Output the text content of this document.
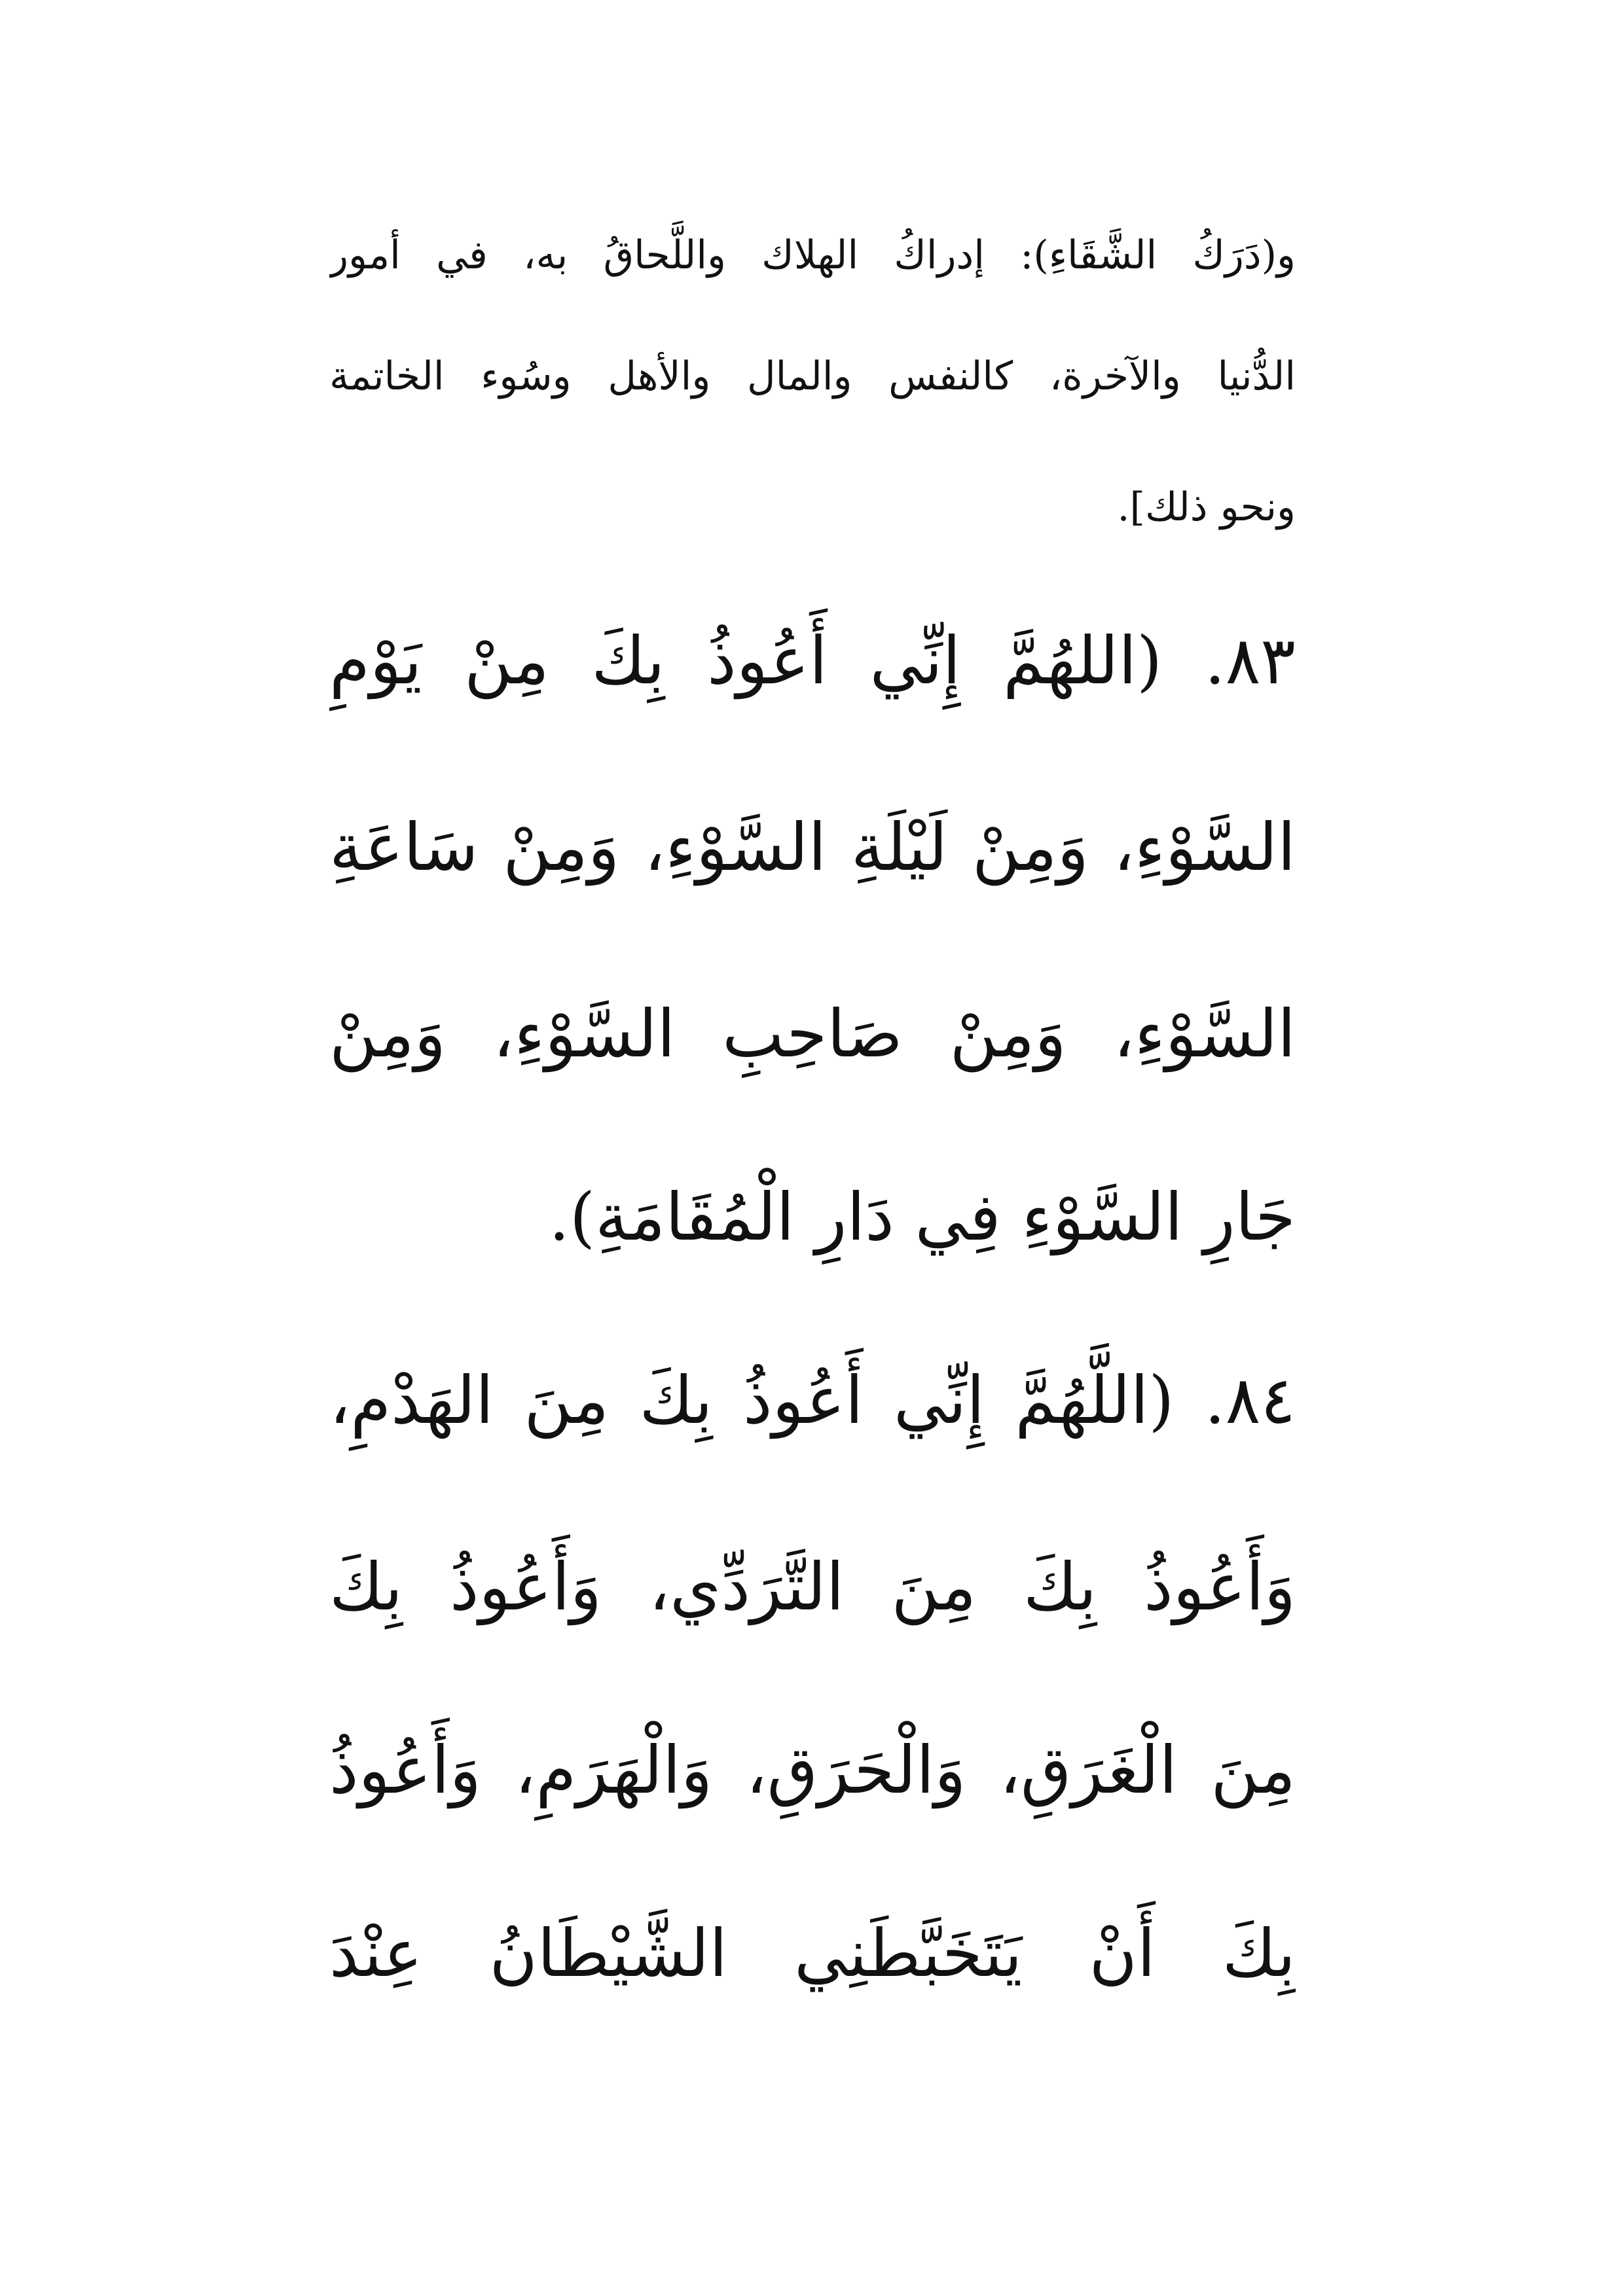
و(دَرَكُ الشَّقَاءِ): إدراكُ الهلاك واللَّحاقُ به، في أمور
الدُّنيا والآخرة، كالنفس والمال والأهل وسُوء الخاتمة
ونحو ذلك].
٨٣. (اللهُمَّ إِنِّي أَعُوذُ بِكَ مِنْ يَوْمِ
السَّوْءِ، وَمِنْ لَيْلَةِ السَّوْءِ، وَمِنْ سَاعَةِ
السَّوْءِ، وَمِنْ صَاحِبِ السَّوْءِ، وَمِنْ
جَارِ السَّوْءِ فِي دَارِ الْمُقَامَةِ).
٨٤. (اللَّهُمَّ إِنِّي أَعُوذُ بِكَ مِنَ الهَدْمِ،
وَأَعُوذُ بِكَ مِنَ التَّرَدِّي، وَأَعُوذُ بِكَ
مِنَ الْغَرَقِ، وَالْحَرَقِ، وَالْهَرَمِ، وَأَعُوذُ
بِكَ أَنْ يَتَخَبَّطَنِي الشَّيْطَانُ عِنْدَ
